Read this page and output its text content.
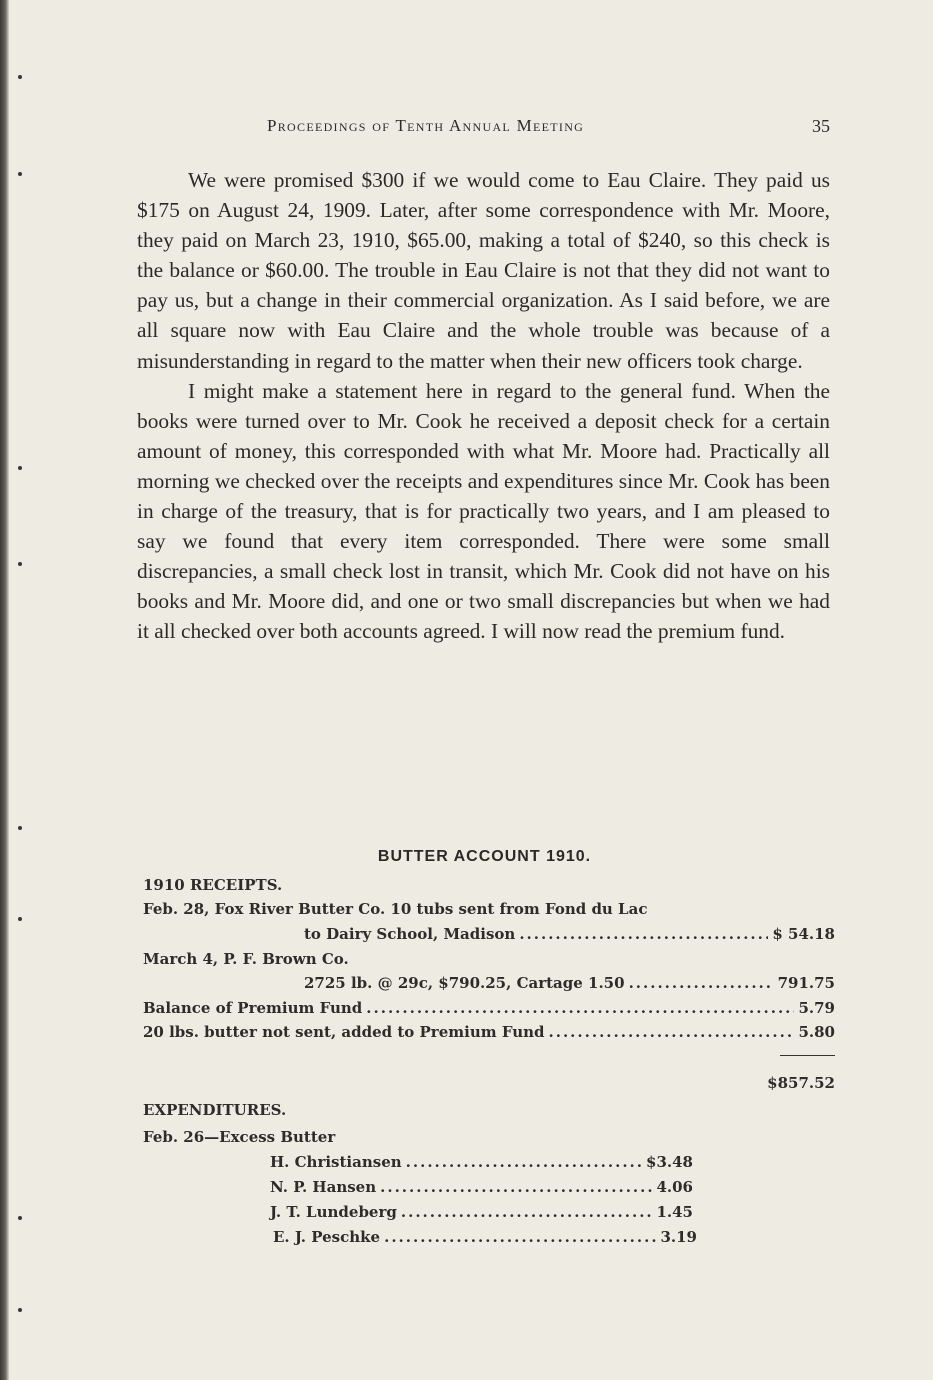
Proceedings of Tenth Annual Meeting	35

We were promised $300 if we would come to Eau Claire. They paid us $175 on August 24, 1909. Later, after some correspondence with Mr. Moore, they paid on March 23, 1910, $65.00, making a total of $240, so this check is the balance or $60.00. The trouble in Eau Claire is not that they did not want to pay us, but a change in their commercial organization. As I said before, we are all square now with Eau Claire and the whole trouble was because of a misunderstanding in regard to the matter when their new officers took charge.

I might make a statement here in regard to the general fund. When the books were turned over to Mr. Cook he received a deposit check for a certain amount of money, this corresponded with what Mr. Moore had. Practically all morning we checked over the receipts and expenditures since Mr. Cook has been in charge of the treasury, that is for practically two years, and I am pleased to say we found that every item corresponded. There were some small discrepancies, a small check lost in transit, which Mr. Cook did not have on his books and Mr. Moore did, and one or two small discrepancies but when we had it all checked over both accounts agreed. I will now read the premium fund.

BUTTER ACCOUNT 1910.
1910 RECEIPTS.
Feb. 28, Fox River Butter Co. 10 tubs sent from Fond du Lac
to Dairy School, Madison .....	$ 54.18
March 4, P. F. Brown Co.
2725 lb. @ 29c, $790.25, Cartage 1.50 .....	791.75
Balance of Premium Fund .....	5.79
20 lbs. butter not sent, added to Premium Fund .....	5.80
$857.52
EXPENDITURES.
Feb. 26—Excess Butter
H. Christiansen .....	$3.48
N. P. Hansen .....	4.06
J. T. Lundeberg .....	1.45
E. J. Peschke .....	3.19
